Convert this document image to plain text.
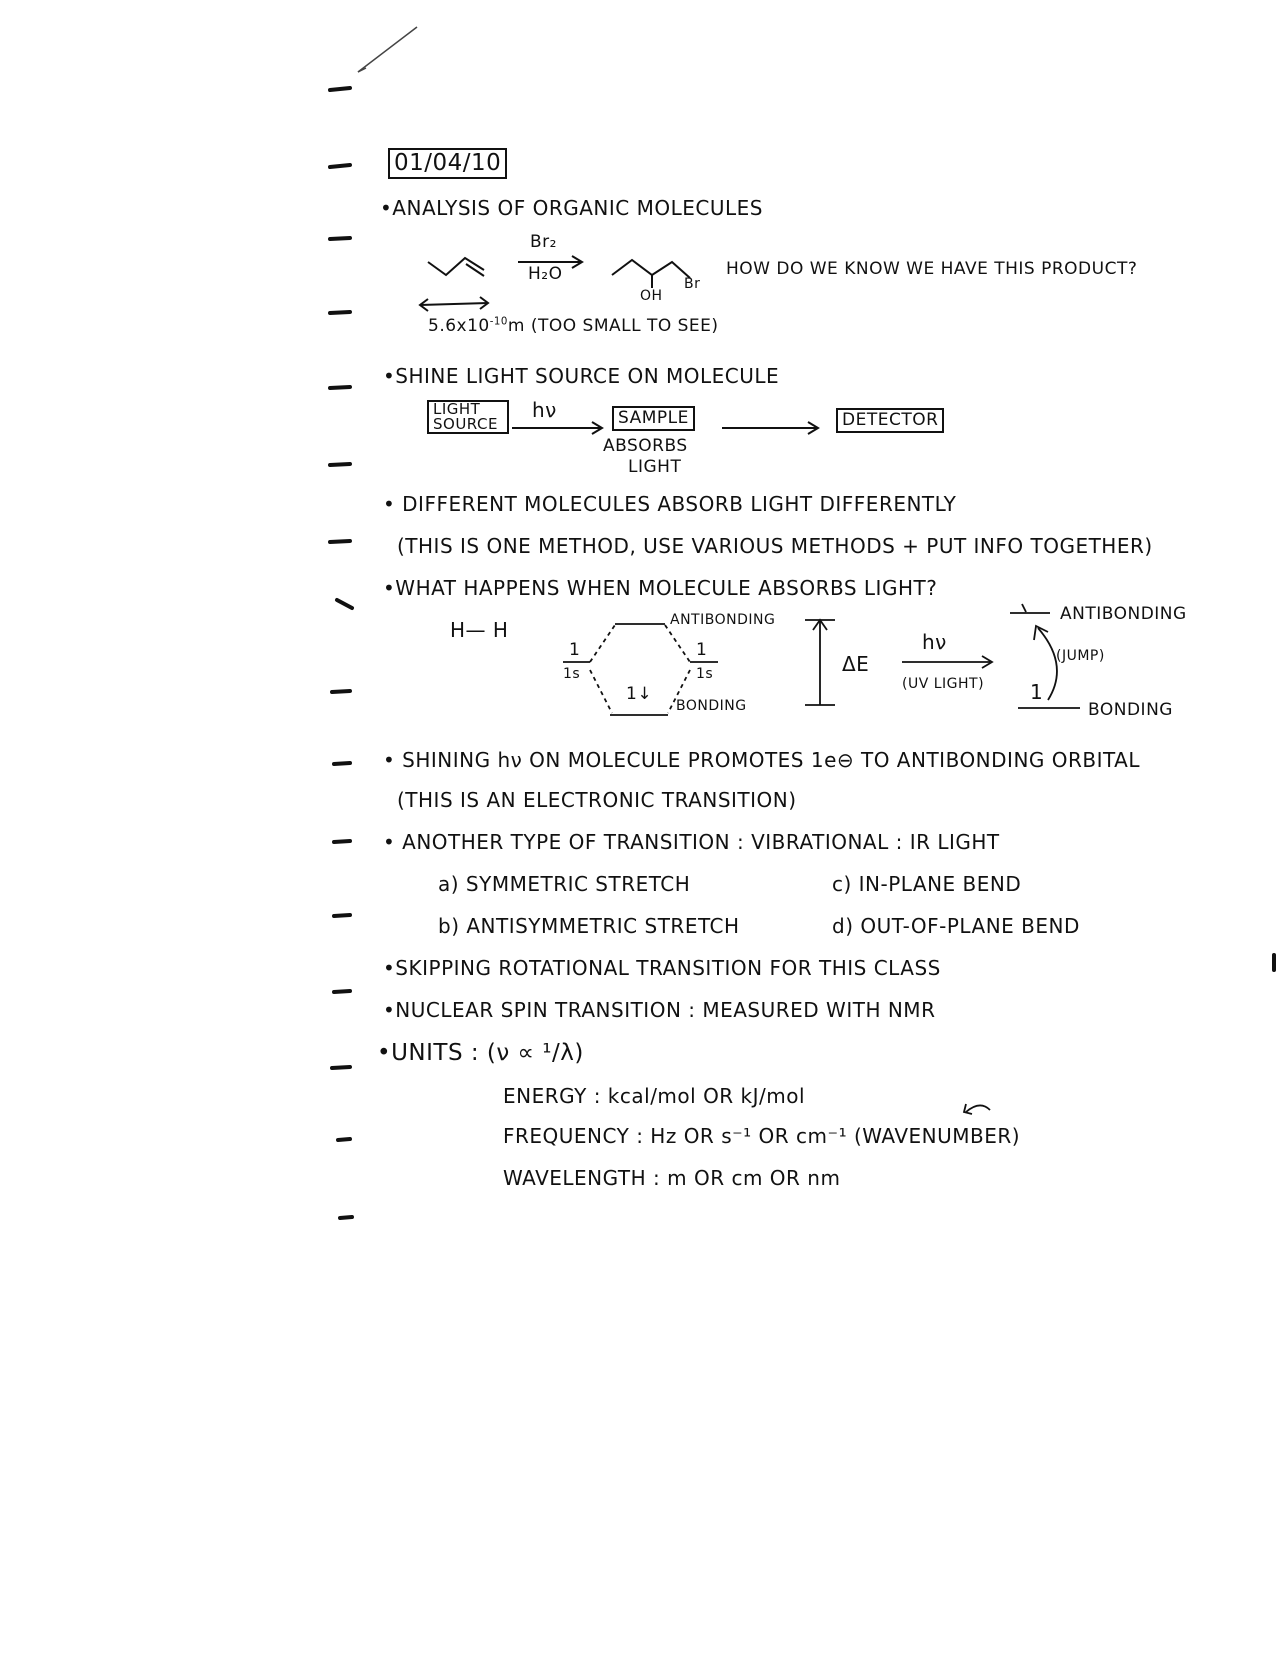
01/04/10
•ANALYSIS OF ORGANIC MOLECULES
Br₂
H₂O
OH
Br
HOW DO WE KNOW WE HAVE THIS PRODUCT?
$5.6x10^{-10}m$ (TOO SMALL TO SEE)
•SHINE LIGHT SOURCE ON MOLECULE
LIGHT SOURCE
hν	SAMPLE
ABSORBS
LIGHT
DETECTOR
• DIFFERENT MOLECULES ABSORB LIGHT DIFFERENTLY
(THIS IS ONE METHOD, USE VARIOUS METHODS + PUT INFO TOGETHER)
•WHAT HAPPENS WHEN MOLECULE ABSORBS LIGHT?
H— H	ANTIBONDING
BONDING
1	1
1s	1s
1↓
ΔE
hν
(UV LIGHT)
ANTIBONDING
(JUMP)
1
BONDING
• SHINING hν ON MOLECULE PROMOTES 1e⊖ TO ANTIBONDING ORBITAL
(THIS IS AN ELECTRONIC TRANSITION)
• ANOTHER TYPE OF TRANSITION : VIBRATIONAL : IR LIGHT
a) SYMMETRIC STRETCH
b) ANTISYMMETRIC STRETCH
c) IN-PLANE BEND
d) OUT-OF-PLANE BEND
•SKIPPING ROTATIONAL TRANSITION FOR THIS CLASS
•NUCLEAR SPIN TRANSITION : MEASURED WITH NMR
•UNITS : (ν ∝ ¹/λ)
ENERGY : kcal/mol OR kJ/mol
FREQUENCY : Hz OR s⁻¹ OR cm⁻¹ (WAVENUMBER)
WAVELENGTH : m OR cm OR nm
